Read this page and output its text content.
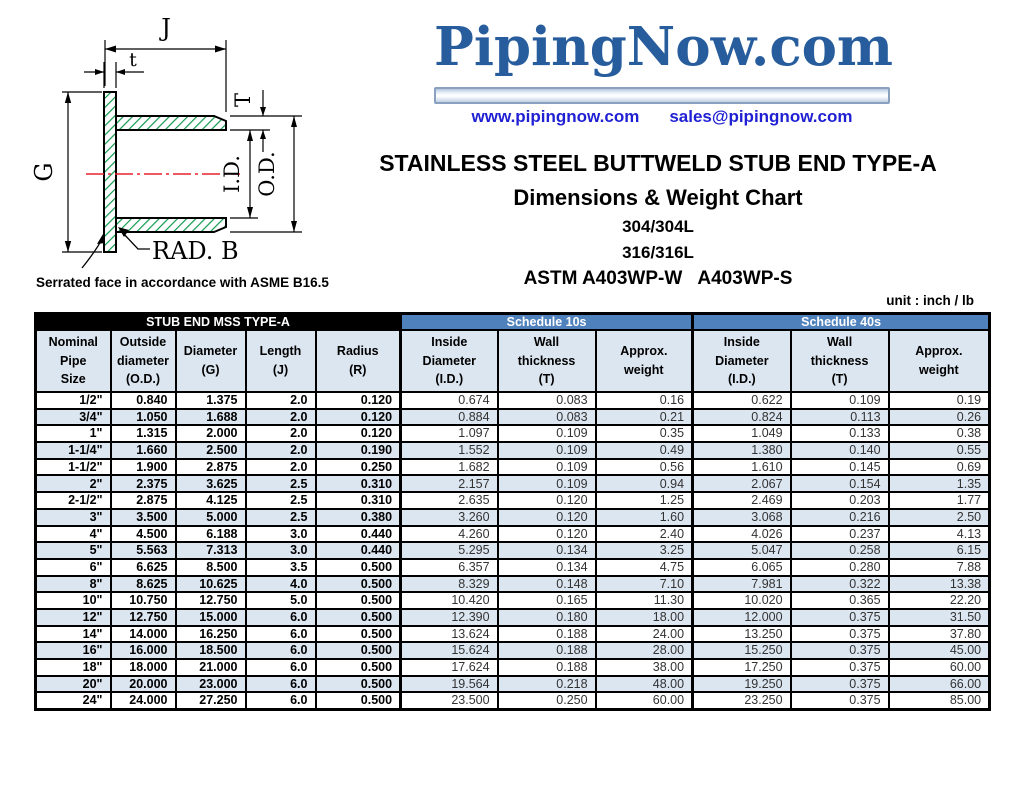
J
t
G
T
I.D. O.D.
RAD. B
Serrated face in accordance with ASME B16.5
PipingNow.com
www.pipingnow.com sales@pipingnow.com
STAINLESS STEEL BUTTWELD STUB END TYPE-A
Dimensions & Weight Chart
304/304L
316/316L
ASTM A403WP-W   A403WP-S
unit : inch / lb
STUB END MSS TYPE-A					Schedule 10s			Schedule 40s		

Nominal
Pipe
Size

Outside
diameter
(O.D.)

Diameter
(G)

Length
(J)

Radius
(R)

Inside
Diameter
(I.D.)

Wall
thickness
(T)

Approx.
weight

Inside
Diameter
(I.D.)

Wall
thickness
(T)

Approx.
weight

1/2"	0.840	1.375	2.0	0.120	0.674	0.083	0.16	0.622	0.109	0.19
3/4"	1.050	1.688	2.0	0.120	0.884	0.083	0.21	0.824	0.113	0.26
1"	1.315	2.000	2.0	0.120	1.097	0.109	0.35	1.049	0.133	0.38
1-1/4"	1.660	2.500	2.0	0.190	1.552	0.109	0.49	1.380	0.140	0.55
1-1/2"	1.900	2.875	2.0	0.250	1.682	0.109	0.56	1.610	0.145	0.69
2"	2.375	3.625	2.5	0.310	2.157	0.109	0.94	2.067	0.154	1.35
2-1/2"	2.875	4.125	2.5	0.310	2.635	0.120	1.25	2.469	0.203	1.77
3"	3.500	5.000	2.5	0.380	3.260	0.120	1.60	3.068	0.216	2.50
4"	4.500	6.188	3.0	0.440	4.260	0.120	2.40	4.026	0.237	4.13
5"	5.563	7.313	3.0	0.440	5.295	0.134	3.25	5.047	0.258	6.15
6"	6.625	8.500	3.5	0.500	6.357	0.134	4.75	6.065	0.280	7.88
8"	8.625	10.625	4.0	0.500	8.329	0.148	7.10	7.981	0.322	13.38
10"	10.750	12.750	5.0	0.500	10.420	0.165	11.30	10.020	0.365	22.20
12"	12.750	15.000	6.0	0.500	12.390	0.180	18.00	12.000	0.375	31.50
14"	14.000	16.250	6.0	0.500	13.624	0.188	24.00	13.250	0.375	37.80
16"	16.000	18.500	6.0	0.500	15.624	0.188	28.00	15.250	0.375	45.00
18"	18.000	21.000	6.0	0.500	17.624	0.188	38.00	17.250	0.375	60.00
20"	20.000	23.000	6.0	0.500	19.564	0.218	48.00	19.250	0.375	66.00
24"	24.000	27.250	6.0	0.500	23.500	0.250	60.00	23.250	0.375	85.00
